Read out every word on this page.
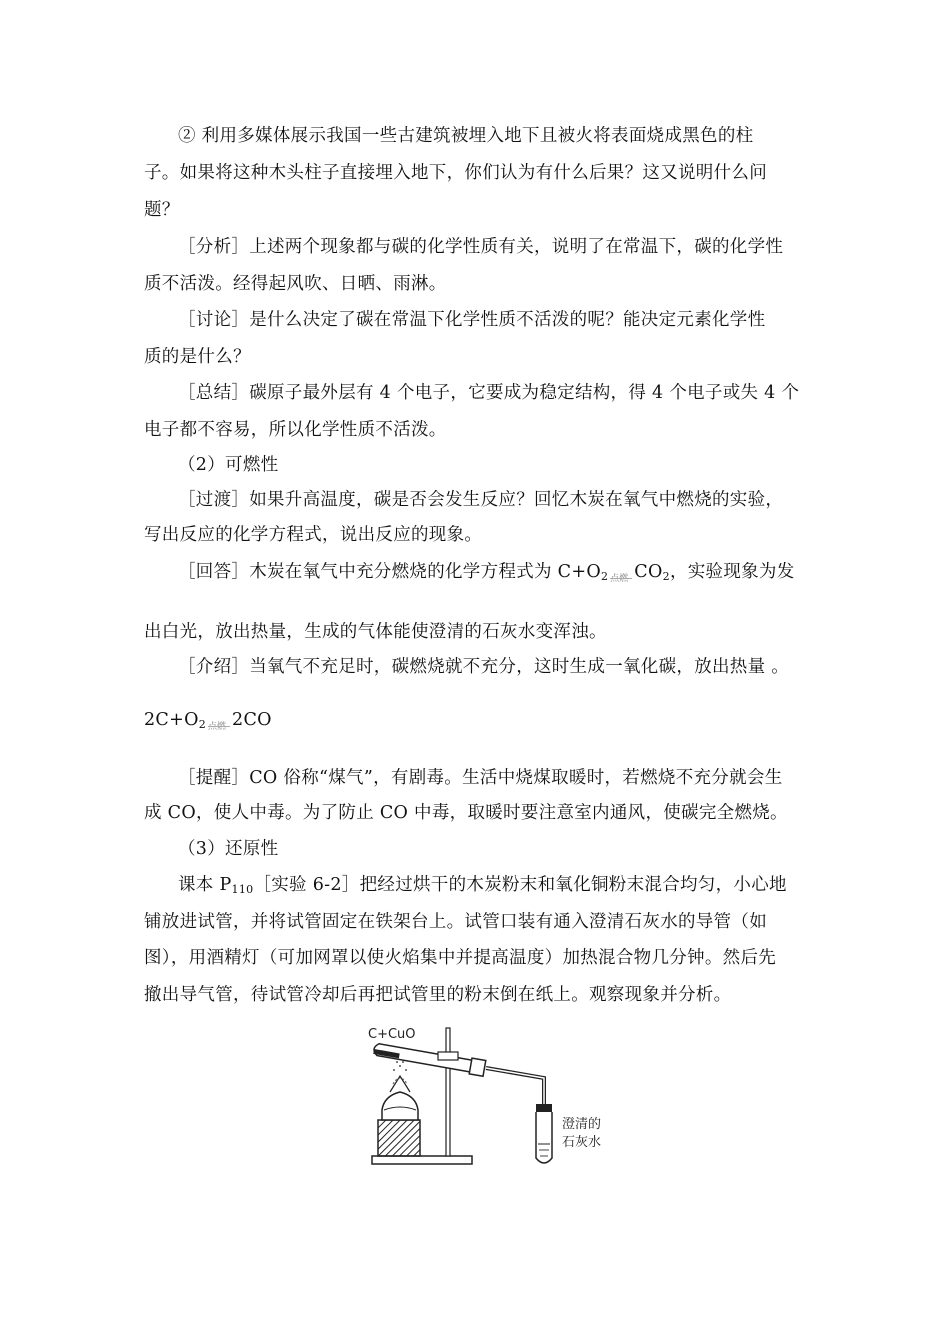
② 利用多媒体展示我国一些古建筑被埋入地下且被火将表面烧成黑色的柱
子。如果将这种木头柱子直接埋入地下，你们认为有什么后果？这又说明什么问
题？
［分析］上述两个现象都与碳的化学性质有关，说明了在常温下，碳的化学性
质不活泼。经得起风吹、日晒、雨淋。
［讨论］是什么决定了碳在常温下化学性质不活泼的呢？能决定元素化学性
质的是什么？
［总结］碳原子最外层有 4 个电子，它要成为稳定结构，得 4 个电子或失 4 个
电子都不容易，所以化学性质不活泼。
（2）可燃性
［过渡］如果升高温度，碳是否会发生反应？回忆木炭在氧气中燃烧的实验，
写出反应的化学方程式，说出反应的现象。
［回答］木炭在氧气中充分燃烧的化学方程式为 $C+O_2$ 点燃 $CO_2$，实验现象为发
出白光，放出热量，生成的气体能使澄清的石灰水变浑浊。
［介绍］当氧气不充足时，碳燃烧就不充分，这时生成一氧化碳，放出热量 。
$2C+O_2$ 点燃 2CO
［提醒］CO 俗称“煤气”，有剧毒。生活中烧煤取暖时，若燃烧不充分就会生
成 CO，使人中毒。为了防止 CO 中毒，取暖时要注意室内通风，使碳完全燃烧。
（3）还原性
课本 $P_{110}[$实验 6-2］把经过烘干的木炭粉末和氧化铜粉末混合均匀，小心地
铺放进试管，并将试管固定在铁架台上。试管口装有通入澄清石灰水的导管（如
图），用酒精灯（可加网罩以使火焰集中并提高温度）加热混合物几分钟。然后先
撤出导气管，待试管冷却后再把试管里的粉末倒在纸上。观察现象并分析。
C+CuO
澄清的
石灰水
